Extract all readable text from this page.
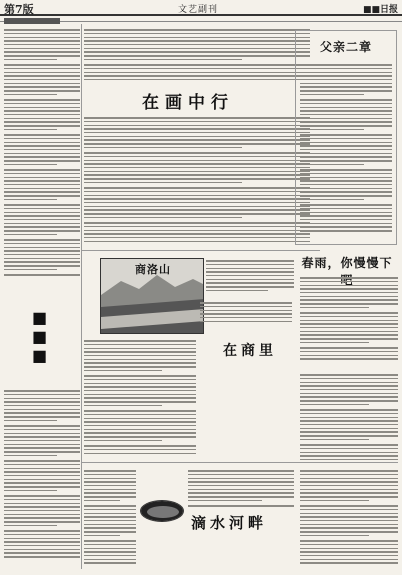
第7版	文艺副刊	■■日报
■■■
在画中行
父亲二章
春雨，你慢慢下
商洛山
在商里
滴水河畔
